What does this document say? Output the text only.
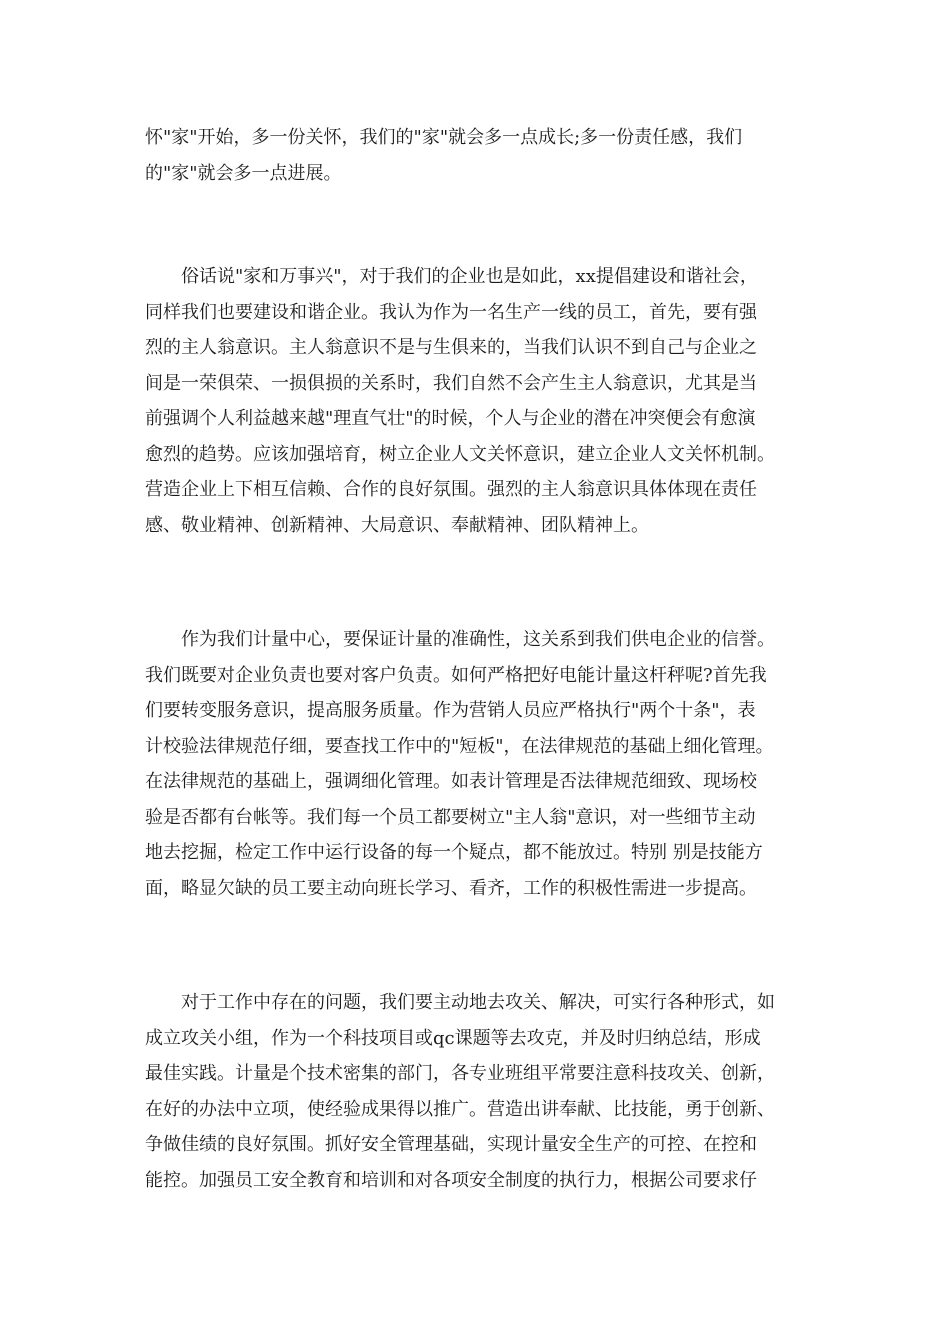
怀"家"开始，多一份关怀，我们的"家"就会多一点成长;多一份责任感，我们
的"家"就会多一点进展。

　　俗话说"家和万事兴"，对于我们的企业也是如此，xx提倡建设和谐社会，
同样我们也要建设和谐企业。我认为作为一名生产一线的员工，首先，要有强
烈的主人翁意识。主人翁意识不是与生俱来的，当我们认识不到自己与企业之
间是一荣俱荣、一损俱损的关系时，我们自然不会产生主人翁意识，尤其是当
前强调个人利益越来越"理直气壮"的时候，个人与企业的潜在冲突便会有愈演
愈烈的趋势。应该加强培育，树立企业人文关怀意识，建立企业人文关怀机制。
营造企业上下相互信赖、合作的良好氛围。强烈的主人翁意识具体体现在责任
感、敬业精神、创新精神、大局意识、奉献精神、团队精神上。

　　作为我们计量中心，要保证计量的准确性，这关系到我们供电企业的信誉。
我们既要对企业负责也要对客户负责。如何严格把好电能计量这杆秤呢?首先我
们要转变服务意识，提高服务质量。作为营销人员应严格执行"两个十条"，表
计校验法律规范仔细，要查找工作中的"短板"，在法律规范的基础上细化管理。
在法律规范的基础上，强调细化管理。如表计管理是否法律规范细致、现场校
验是否都有台帐等。我们每一个员工都要树立"主人翁"意识，对一些细节主动
地去挖掘，检定工作中运行设备的每一个疑点，都不能放过。特别 别是技能方
面，略显欠缺的员工要主动向班长学习、看齐，工作的积极性需进一步提高。

　　对于工作中存在的问题，我们要主动地去攻关、解决，可实行各种形式，如
成立攻关小组，作为一个科技项目或qc课题等去攻克，并及时归纳总结，形成
最佳实践。计量是个技术密集的部门，各专业班组平常要注意科技攻关、创新，
在好的办法中立项，使经验成果得以推广。营造出讲奉献、比技能，勇于创新、
争做佳绩的良好氛围。抓好安全管理基础，实现计量安全生产的可控、在控和
能控。加强员工安全教育和培训和对各项安全制度的执行力，根据公司要求仔
